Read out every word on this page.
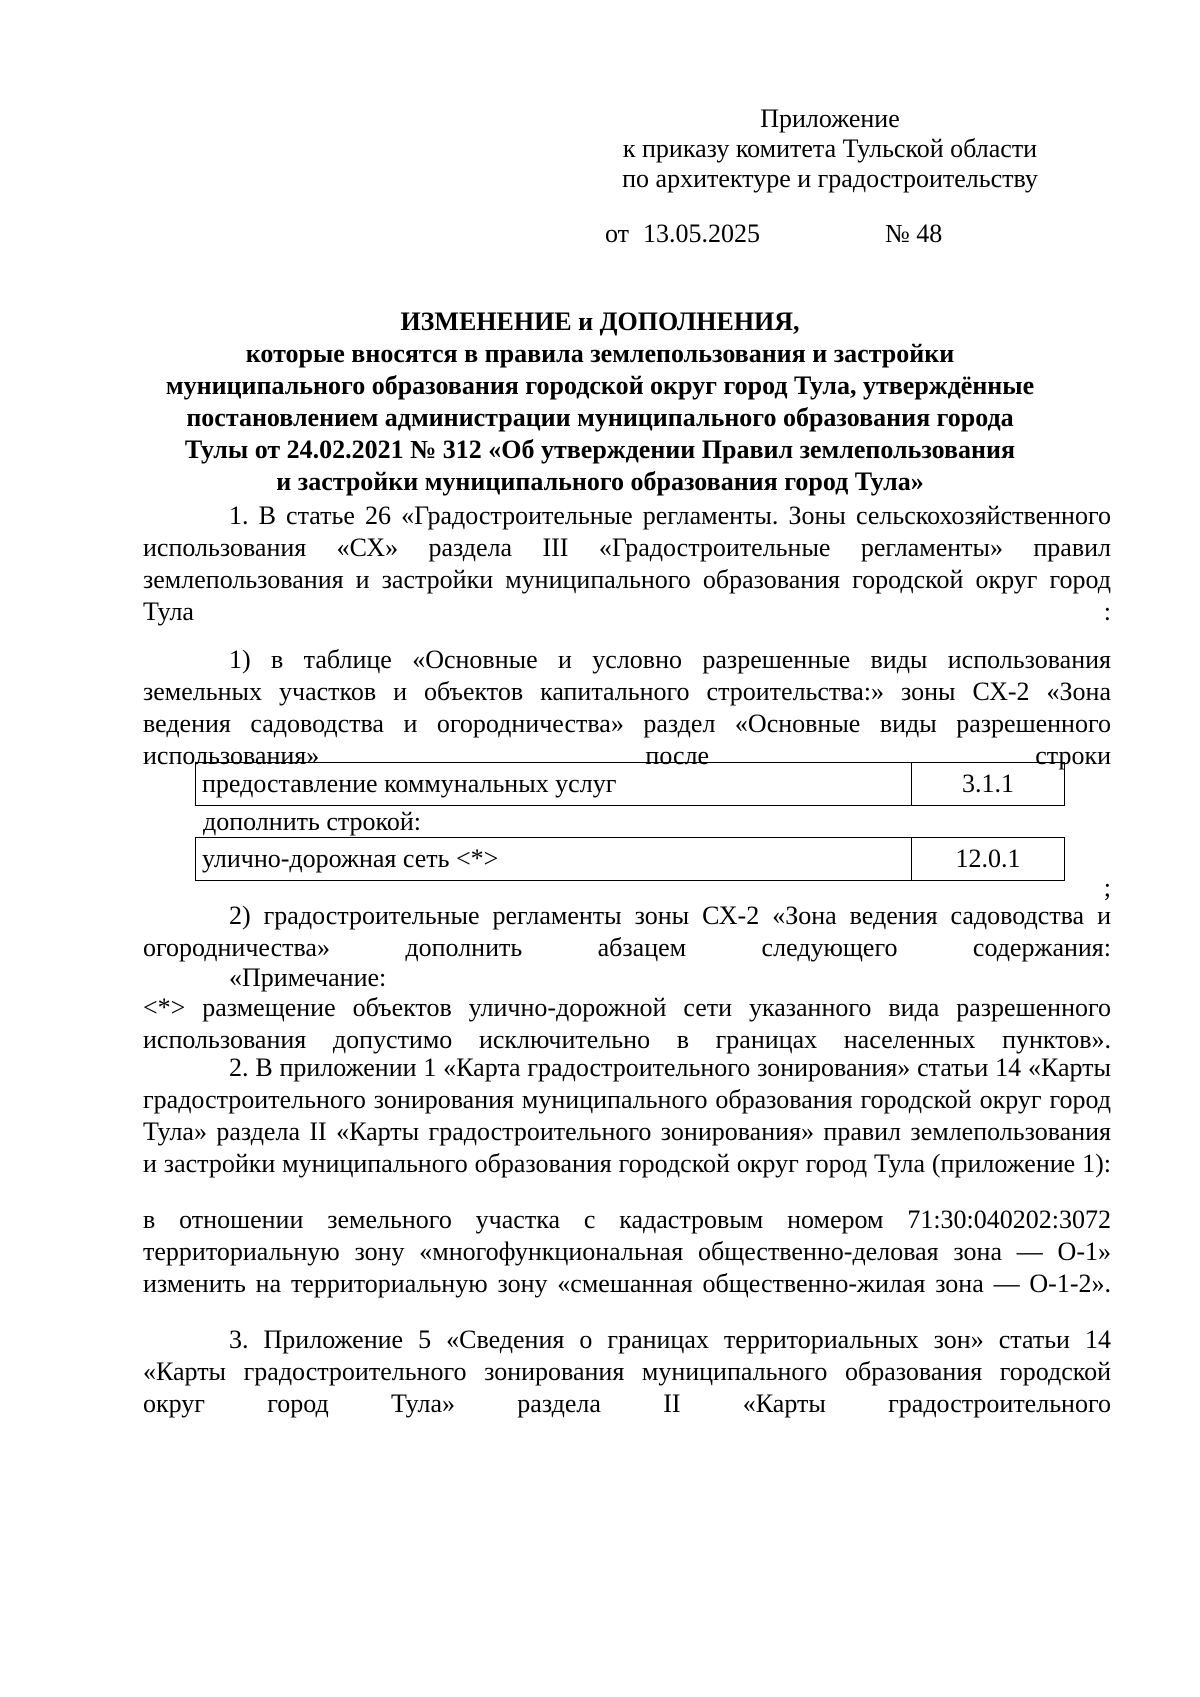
Приложение
к приказу комитета Тульской области
по архитектуре и градостроительству
от 13.05.2025	№ 48
ИЗМЕНЕНИЕ и ДОПОЛНЕНИЯ,
которые вносятся в правила землепользования и застройки
муниципального образования городской округ город Тула, утверждённые
постановлением администрации муниципального образования города
Тулы от 24.02.2021 № 312 «Об утверждении Правил землепользования
и застройки муниципального образования город Тула»
1. В статье 26 «Градостроительные регламенты. Зоны сельскохозяйственного использования «СХ» раздела III «Градостроительные регламенты» правил землепользования и застройки муниципального образования городской округ город Тула :
1) в таблице «Основные и условно разрешенные виды использования земельных участков и объектов капитального строительства:» зоны СХ-2 «Зона ведения садоводства и огородничества» раздел «Основные виды разрешенного использования» после строки
предоставление коммунальных услуг	3.1.1
дополнить строкой:
улично-дорожная сеть <*>	12.0.1
;
2) градостроительные регламенты зоны СХ-2 «Зона ведения садоводства и огородничества» дополнить абзацем следующего содержания:
«Примечание:
<*> размещение объектов улично-дорожной сети указанного вида разрешенного использования допустимо исключительно в границах населенных пунктов».
2. В приложении 1 «Карта градостроительного зонирования» статьи 14 «Карты градостроительного зонирования муниципального образования городской округ город Тула» раздела II «Карты градостроительного зонирования» правил землепользования и застройки муниципального образования городской округ город Тула (приложение 1):
в отношении земельного участка с кадастровым номером 71:30:040202:3072 территориальную зону «многофункциональная общественно-деловая зона — О-1» изменить на территориальную зону «смешанная общественно-жилая зона — О-1-2».
3. Приложение 5 «Сведения о границах территориальных зон» статьи 14 «Карты градостроительного зонирования муниципального образования городской округ город Тула» раздела II «Карты градостроительного
